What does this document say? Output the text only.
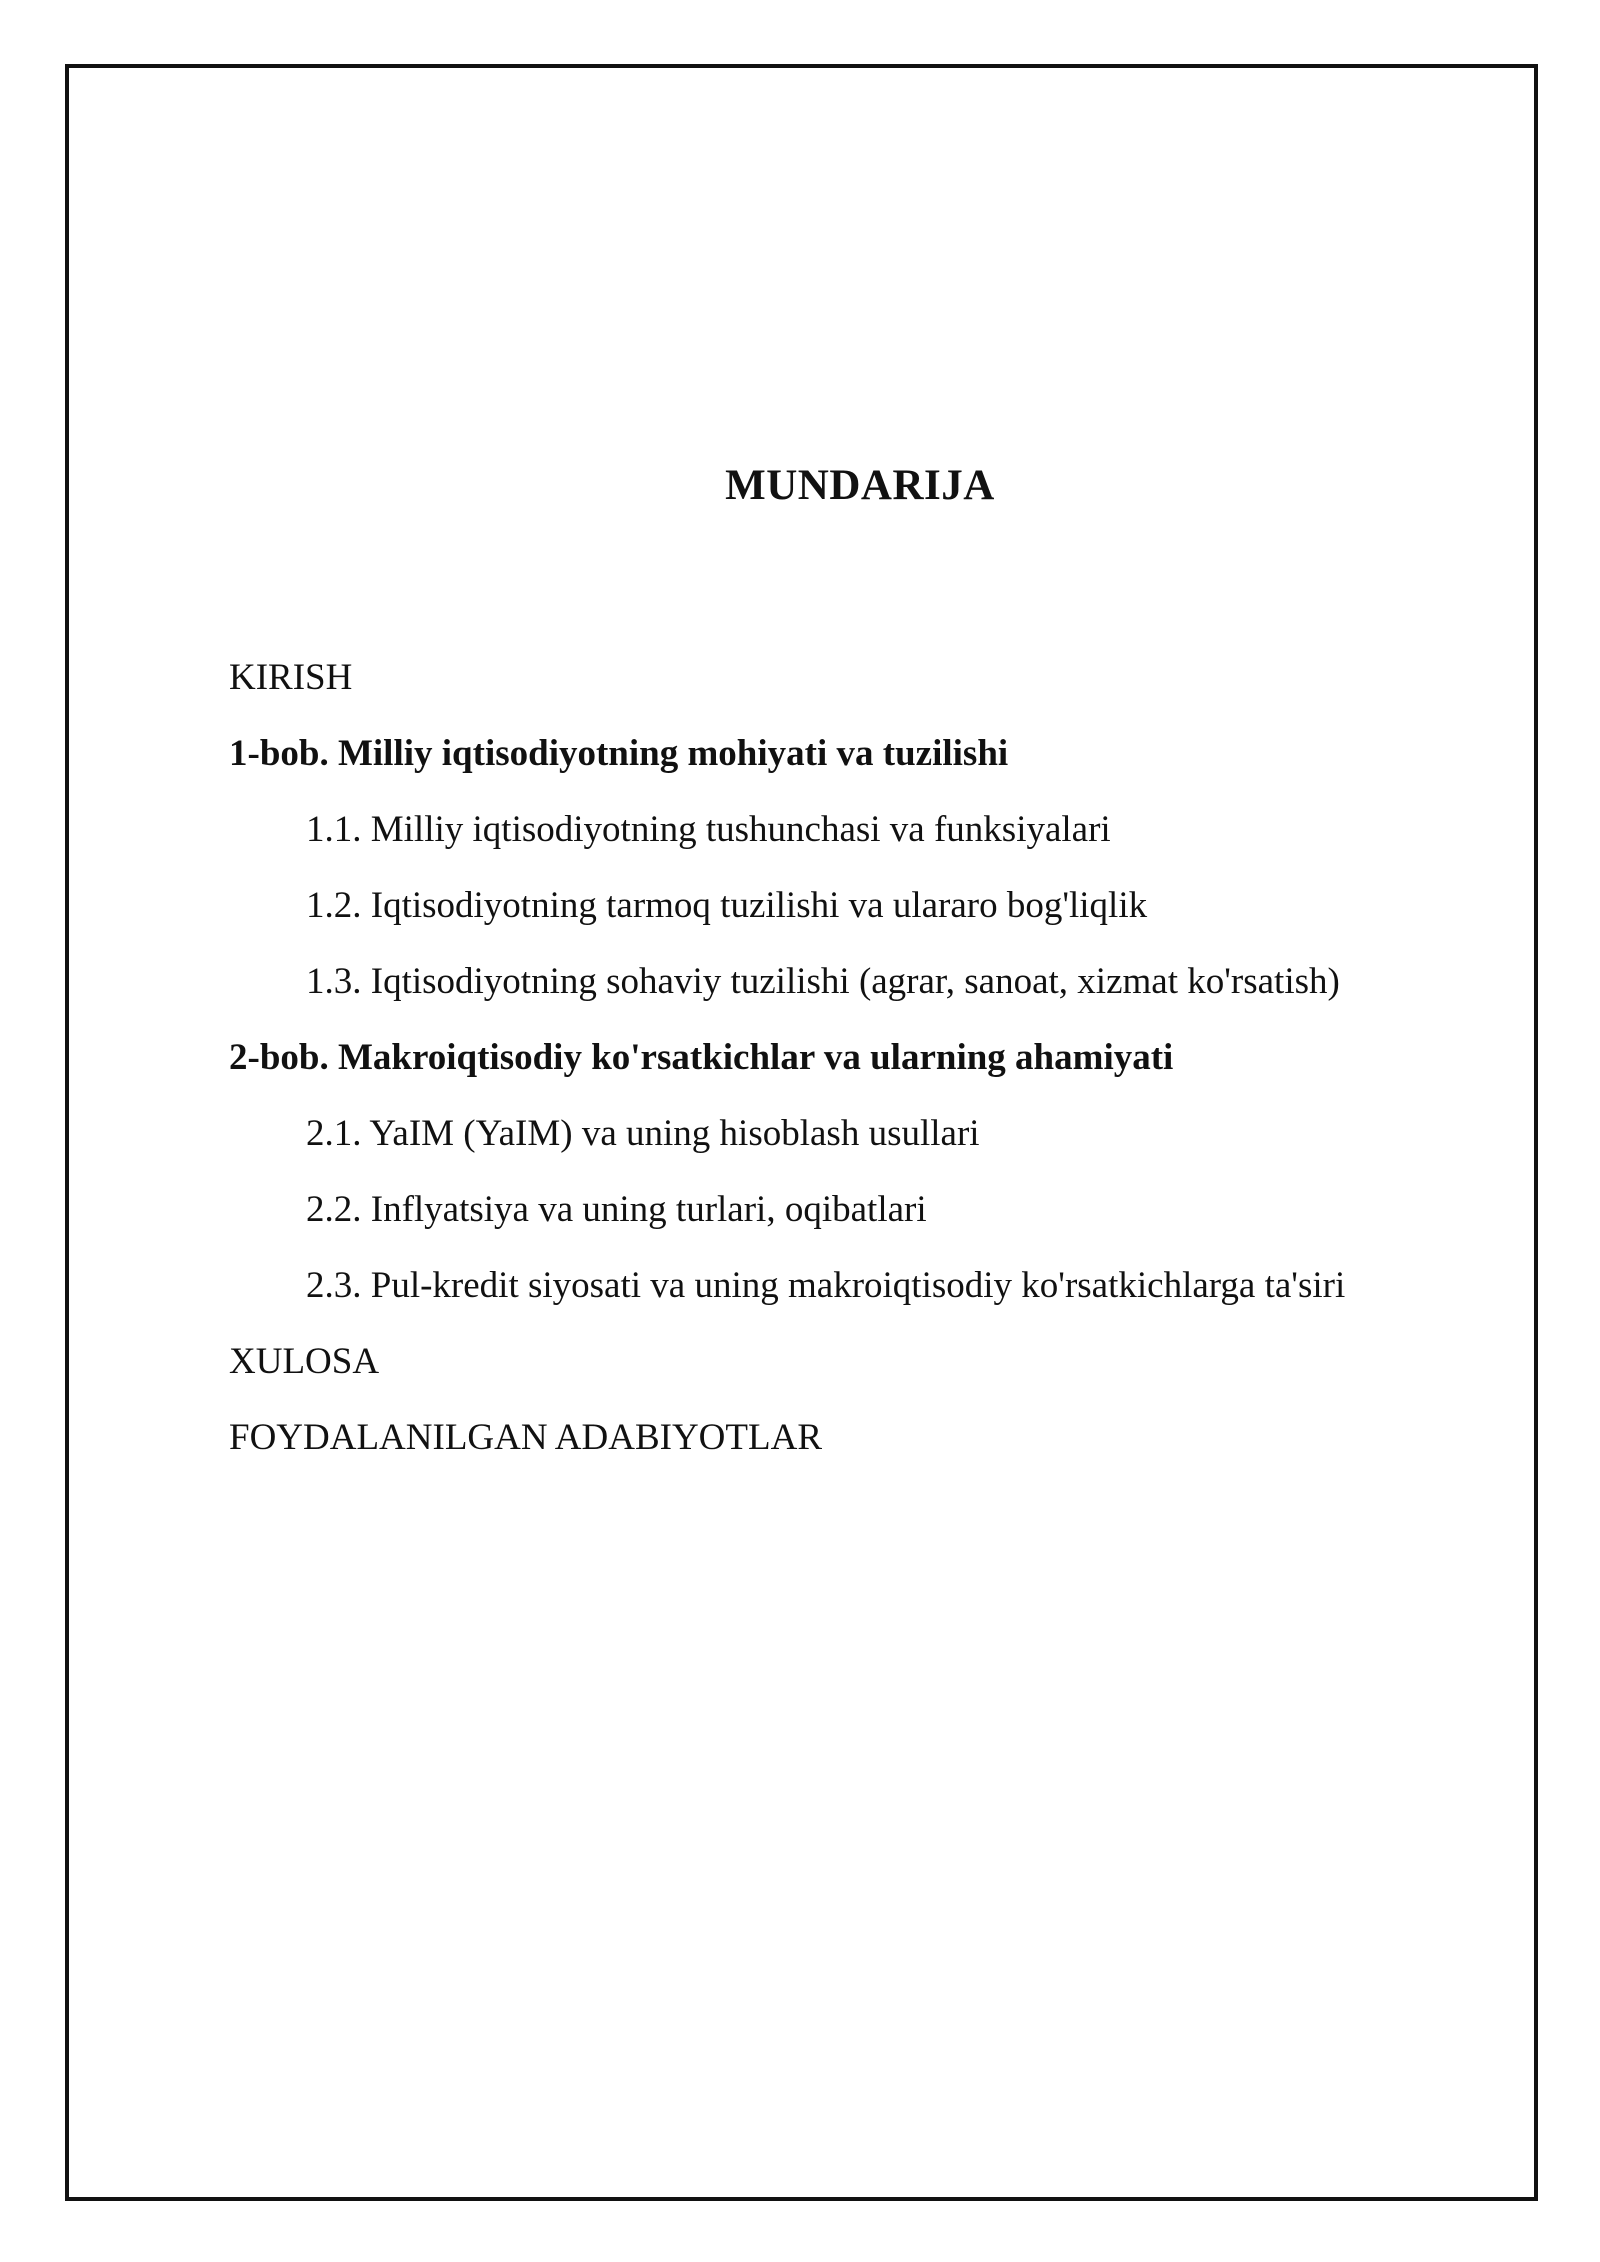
MUNDARIJA
KIRISH
1-bob. Milliy iqtisodiyotning mohiyati va tuzilishi
1.1. Milliy iqtisodiyotning tushunchasi va funksiyalari
1.2. Iqtisodiyotning tarmoq tuzilishi va ulararo bog'liqlik
1.3. Iqtisodiyotning sohaviy tuzilishi (agrar, sanoat, xizmat ko'rsatish)
2-bob. Makroiqtisodiy ko'rsatkichlar va ularning ahamiyati
2.1. YaIM (YaIM) va uning hisoblash usullari
2.2. Inflyatsiya va uning turlari, oqibatlari
2.3. Pul-kredit siyosati va uning makroiqtisodiy ko'rsatkichlarga ta'siri
XULOSA
FOYDALANILGAN ADABIYOTLAR
